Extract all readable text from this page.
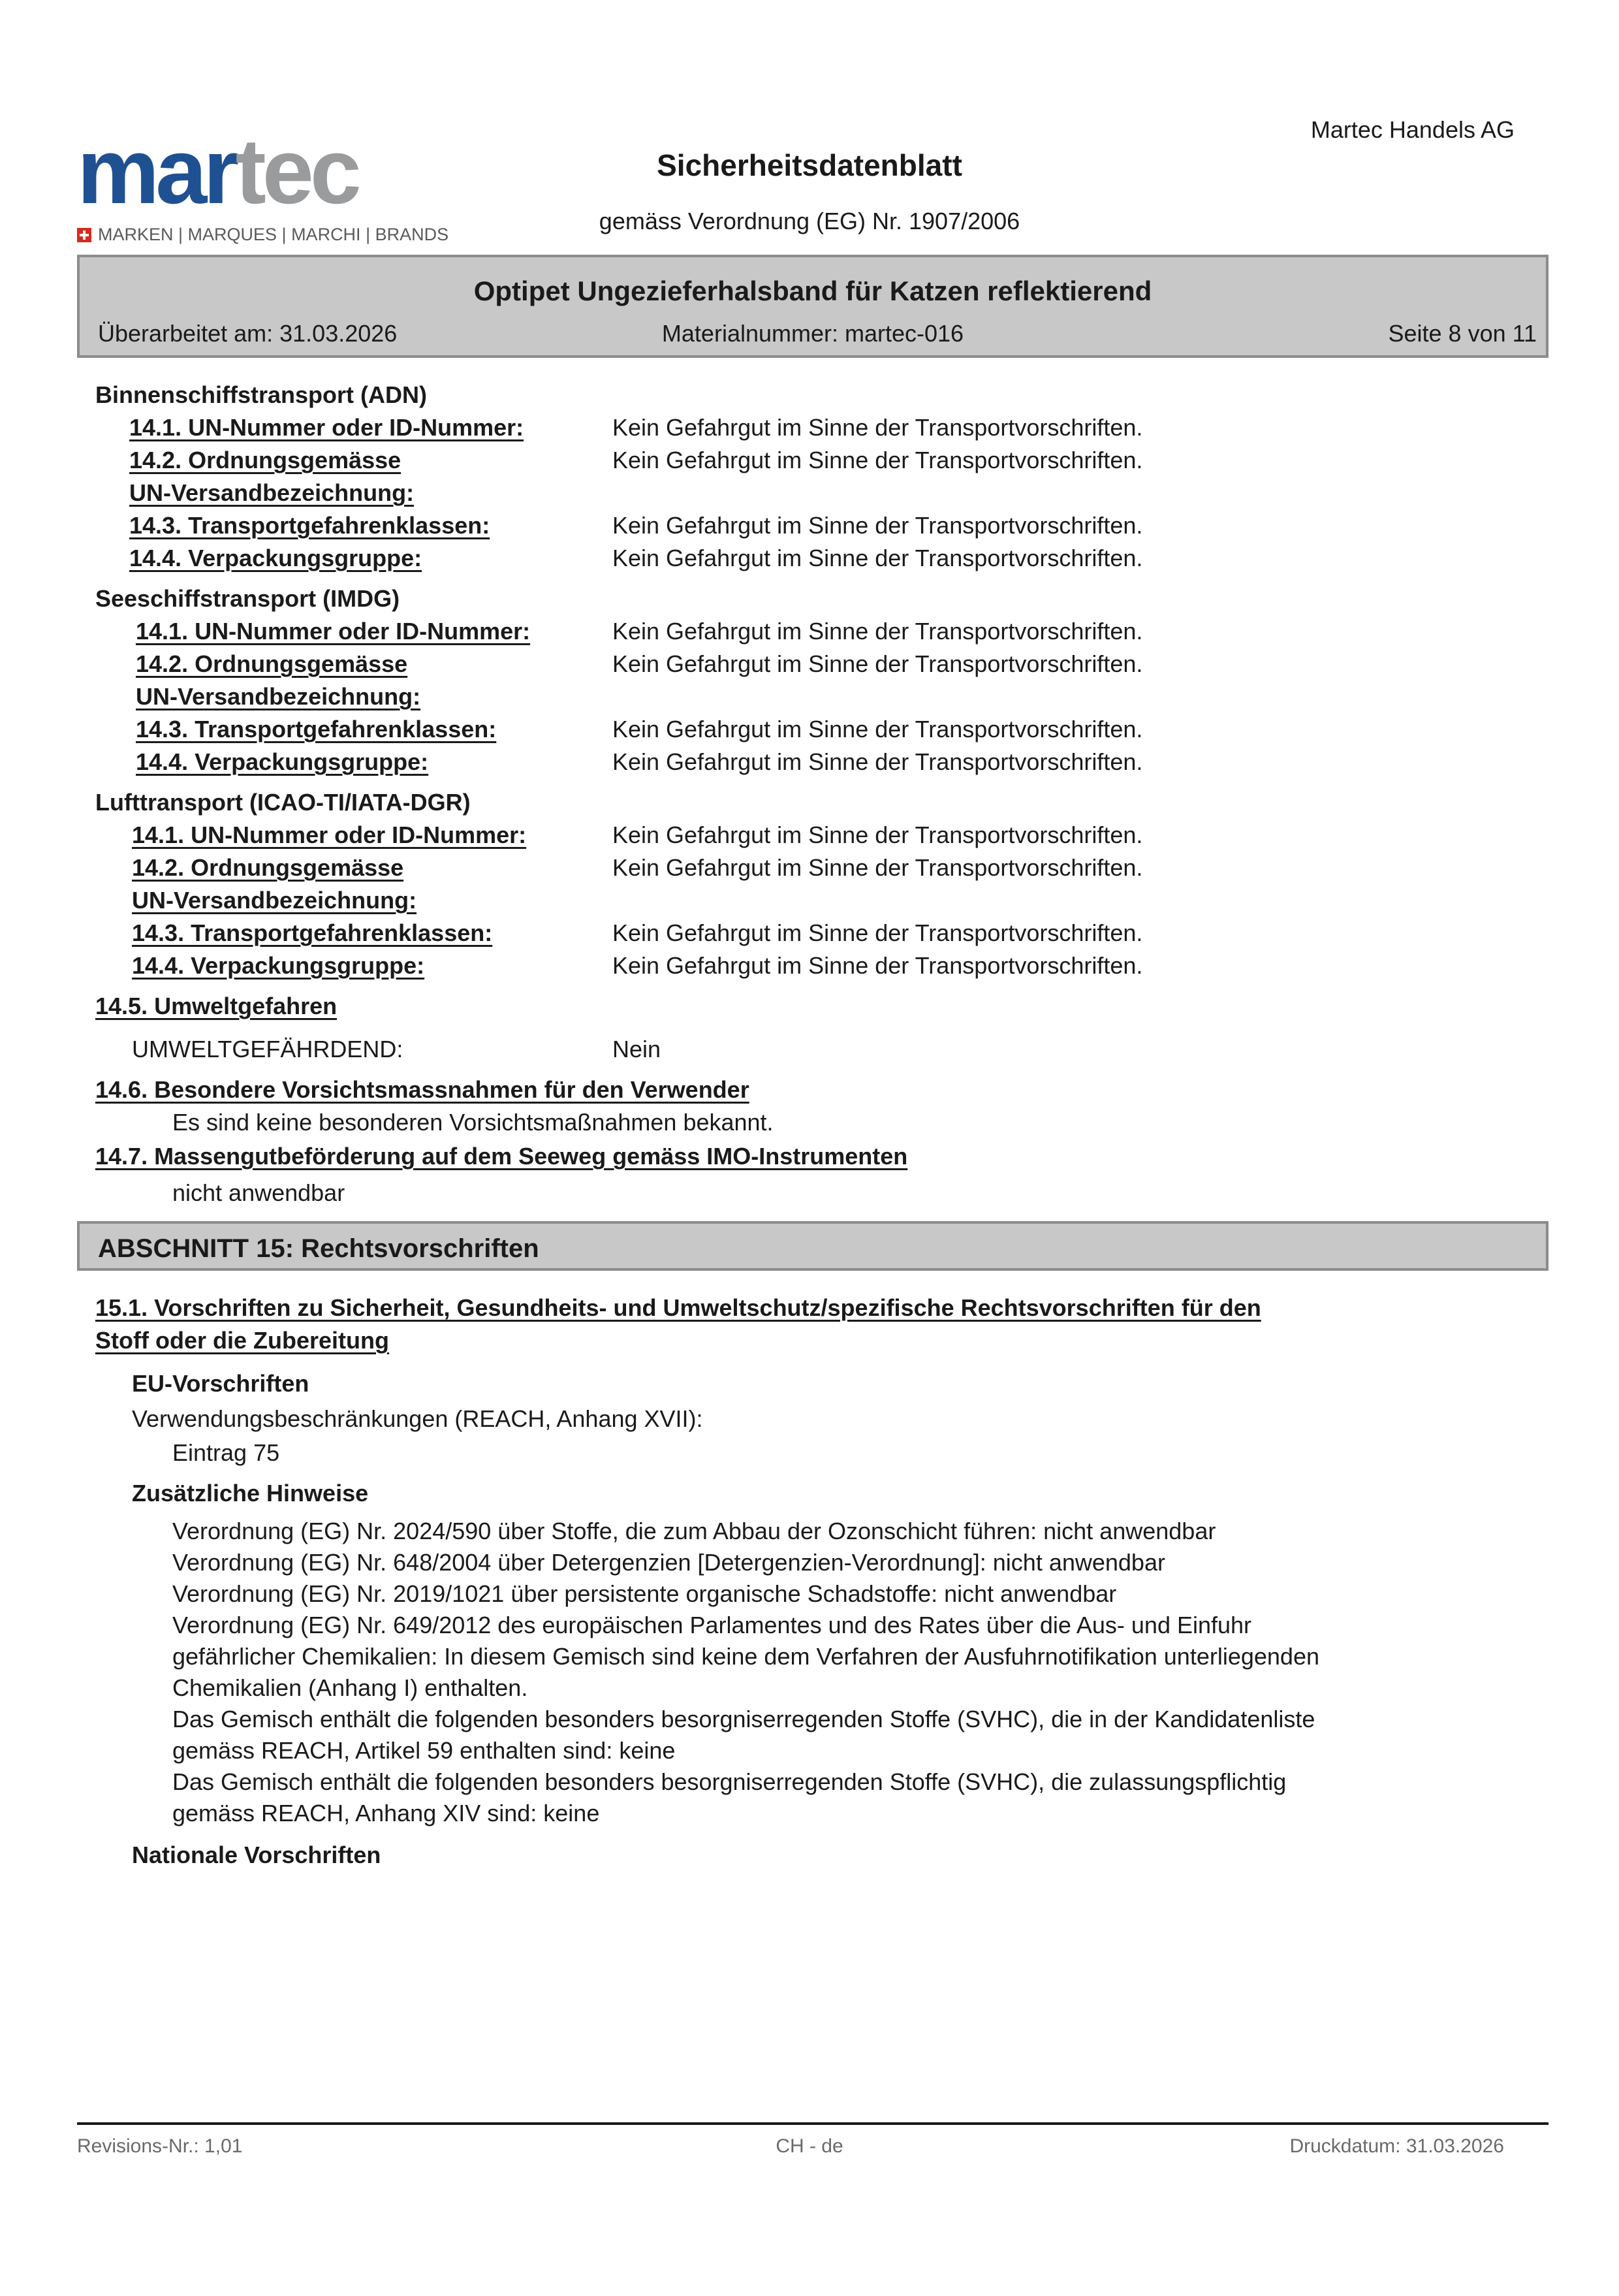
martec
MARKEN | MARQUES | MARCHI | BRANDS
Martec Handels AG
Sicherheitsdatenblatt
gemäss Verordnung (EG) Nr. 1907/2006
Optipet Ungezieferhalsband für Katzen reflektierend
Überarbeitet am: 31.03.2026	Materialnummer: martec-016	Seite 8 von 11
Binnenschiffstransport (ADN)
14.1. UN-Nummer oder ID-Nummer:	Kein Gefahrgut im Sinne der Transportvorschriften.
14.2. Ordnungsgemässe	Kein Gefahrgut im Sinne der Transportvorschriften.
UN-Versandbezeichnung:
14.3. Transportgefahrenklassen:	Kein Gefahrgut im Sinne der Transportvorschriften.
14.4. Verpackungsgruppe:	Kein Gefahrgut im Sinne der Transportvorschriften.
Seeschiffstransport (IMDG)
14.1. UN-Nummer oder ID-Nummer:	Kein Gefahrgut im Sinne der Transportvorschriften.
14.2. Ordnungsgemässe	Kein Gefahrgut im Sinne der Transportvorschriften.
UN-Versandbezeichnung:
14.3. Transportgefahrenklassen:	Kein Gefahrgut im Sinne der Transportvorschriften.
14.4. Verpackungsgruppe:	Kein Gefahrgut im Sinne der Transportvorschriften.
Lufttransport (ICAO-TI/IATA-DGR)
14.1. UN-Nummer oder ID-Nummer:	Kein Gefahrgut im Sinne der Transportvorschriften.
14.2. Ordnungsgemässe	Kein Gefahrgut im Sinne der Transportvorschriften.
UN-Versandbezeichnung:
14.3. Transportgefahrenklassen:	Kein Gefahrgut im Sinne der Transportvorschriften.
14.4. Verpackungsgruppe:	Kein Gefahrgut im Sinne der Transportvorschriften.
14.5. Umweltgefahren
UMWELTGEFÄHRDEND:	Nein
14.6. Besondere Vorsichtsmassnahmen für den Verwender
Es sind keine besonderen Vorsichtsmaßnahmen bekannt.
14.7. Massengutbeförderung auf dem Seeweg gemäss IMO-Instrumenten
nicht anwendbar
ABSCHNITT 15: Rechtsvorschriften
15.1. Vorschriften zu Sicherheit, Gesundheits- und Umweltschutz/spezifische Rechtsvorschriften für den
Stoff oder die Zubereitung
EU-Vorschriften
Verwendungsbeschränkungen (REACH, Anhang XVII):
Eintrag 75
Zusätzliche Hinweise
Verordnung (EG) Nr. 2024/590 über Stoffe, die zum Abbau der Ozonschicht führen: nicht anwendbar
Verordnung (EG) Nr. 648/2004 über Detergenzien [Detergenzien-Verordnung]: nicht anwendbar
Verordnung (EG) Nr. 2019/1021 über persistente organische Schadstoffe: nicht anwendbar
Verordnung (EG) Nr. 649/2012 des europäischen Parlamentes und des Rates über die Aus- und Einfuhr
gefährlicher Chemikalien: In diesem Gemisch sind keine dem Verfahren der Ausfuhrnotifikation unterliegenden
Chemikalien (Anhang I) enthalten.
Das Gemisch enthält die folgenden besonders besorgniserregenden Stoffe (SVHC), die in der Kandidatenliste
gemäss REACH, Artikel 59 enthalten sind: keine
Das Gemisch enthält die folgenden besonders besorgniserregenden Stoffe (SVHC), die zulassungspflichtig
gemäss REACH, Anhang XIV sind: keine
Nationale Vorschriften
Revisions-Nr.: 1,01	CH - de	Druckdatum: 31.03.2026
